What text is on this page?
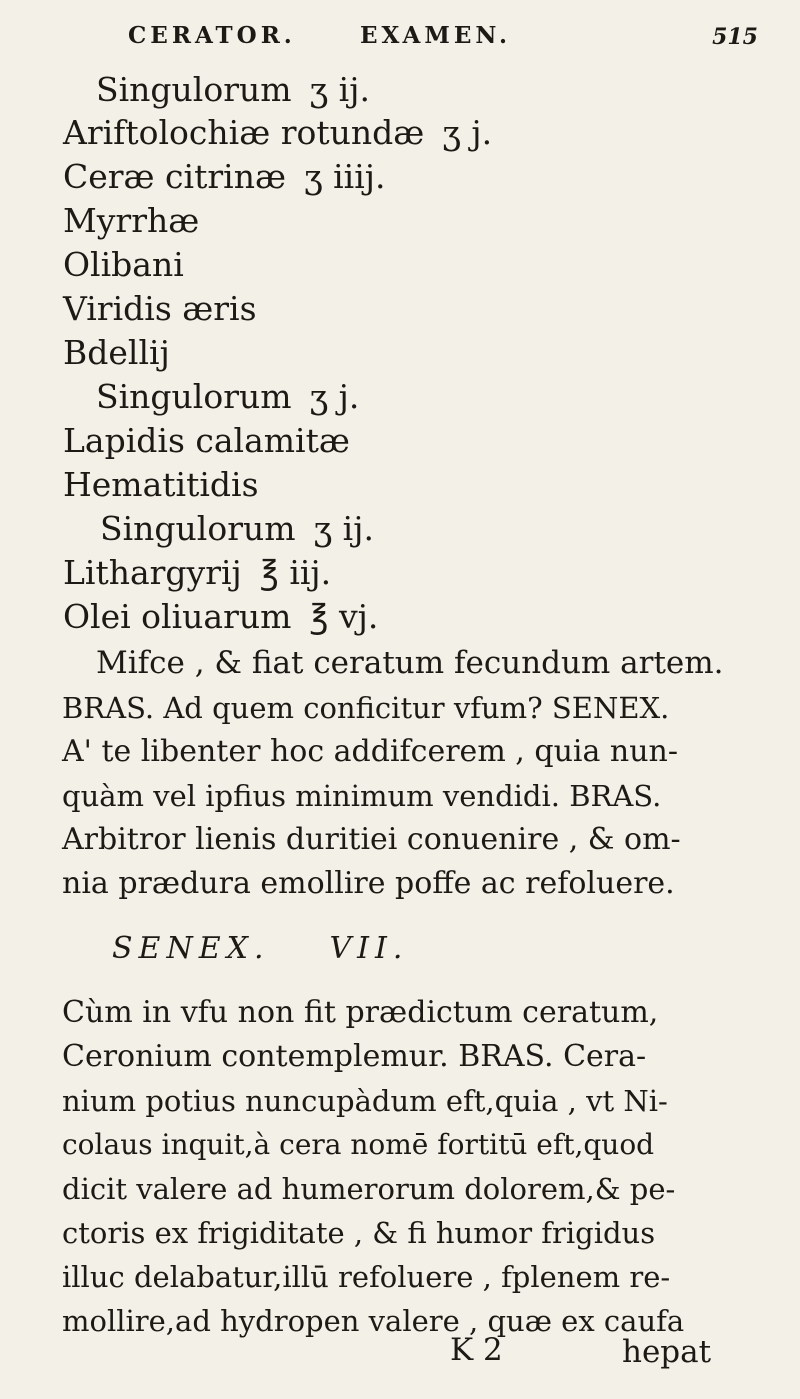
CERATOR.	EXAMEN.	515
Singulorum ʒ ij.
Ariftolochiæ rotundæ ʒ j.
Ceræ citrinæ ʒ iiij.
Myrrhæ
Olibani
Viridis æris
Bdellij
Singulorum ʒ j.
Lapidis calamitæ
Hematitidis
Singulorum ʒ ij.
Lithargyrij ℥ iij.
Olei oliuarum ℥ vj.
Mifce , & fiat ceratum fecundum artem.
BRAS. Ad quem conficitur vfum? SENEX.
A' te libenter hoc addifcerem , quia nun-
quàm vel ipfius minimum vendidi. BRAS.
Arbitror lienis duritiei conuenire , & om-
nia prædura emollire poffe ac refoluere.
SENEX. VII.
Cùm in vfu non fit prædictum ceratum,
Ceronium contemplemur. BRAS. Cera-
nium potius nuncupàdum eft,quia , vt Ni-
colaus inquit,à cera nomē fortitū eft,quod
dicit valere ad humerorum dolorem,& pe-
ctoris ex frigiditate , & fi humor frigidus
illuc delabatur,illū refoluere , fplenem re-
mollire,ad hydropen valere , quæ ex caufa
K 2	hepat
